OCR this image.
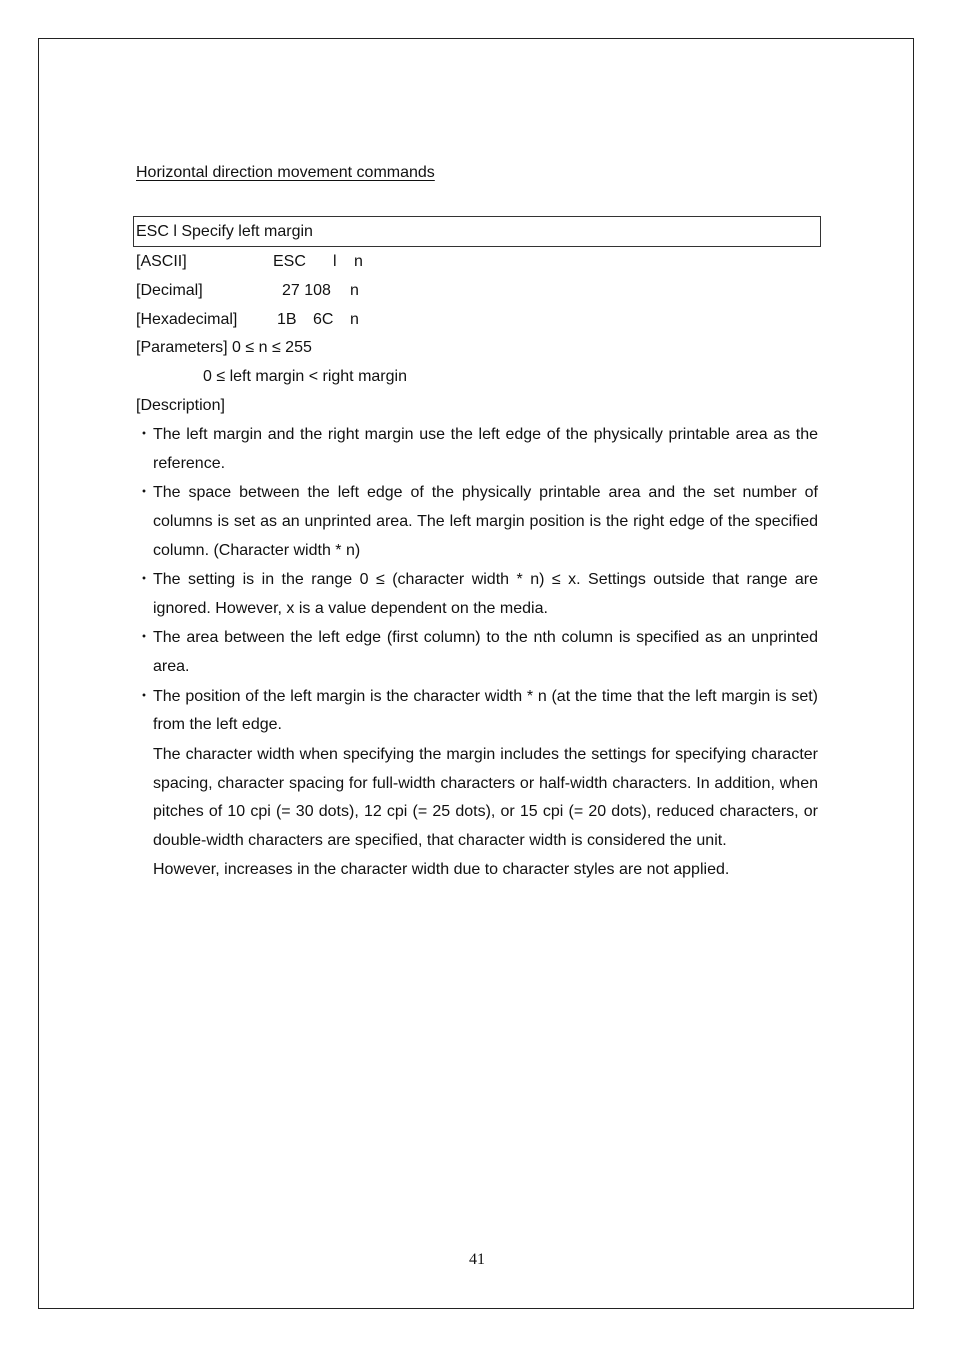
Horizontal direction movement commands
ESC l Specify left margin
[ASCII]	ESC l n
[Decimal]	27 108 n
[Hexadecimal] 1B 6C n
[Parameters] 0 ≤ n ≤ 255
0 ≤ left margin < right margin
[Description]
・ The left margin and the right margin use the left edge of the physically printable area as the reference.
・ The space between the left edge of the physically printable area and the set number of columns is set as an unprinted area. The left margin position is the right edge of the specified column. (Character width * n)
・ The setting is in the range 0 ≤ (character width * n) ≤ x. Settings outside that range are ignored. However, x is a value dependent on the media.
・ The area between the left edge (first column) to the nth column is specified as an unprinted area.
・ The position of the left margin is the character width * n (at the time that the left margin is set) from the left edge.

The character width when specifying the margin includes the settings for specifying character spacing, character spacing for full-width characters or half-width characters. In addition, when pitches of 10 cpi (= 30 dots), 12 cpi (= 25 dots), or 15 cpi (= 20 dots), reduced characters, or double-width characters are specified, that character width is considered the unit.

However, increases in the character width due to character styles are not applied.

41
